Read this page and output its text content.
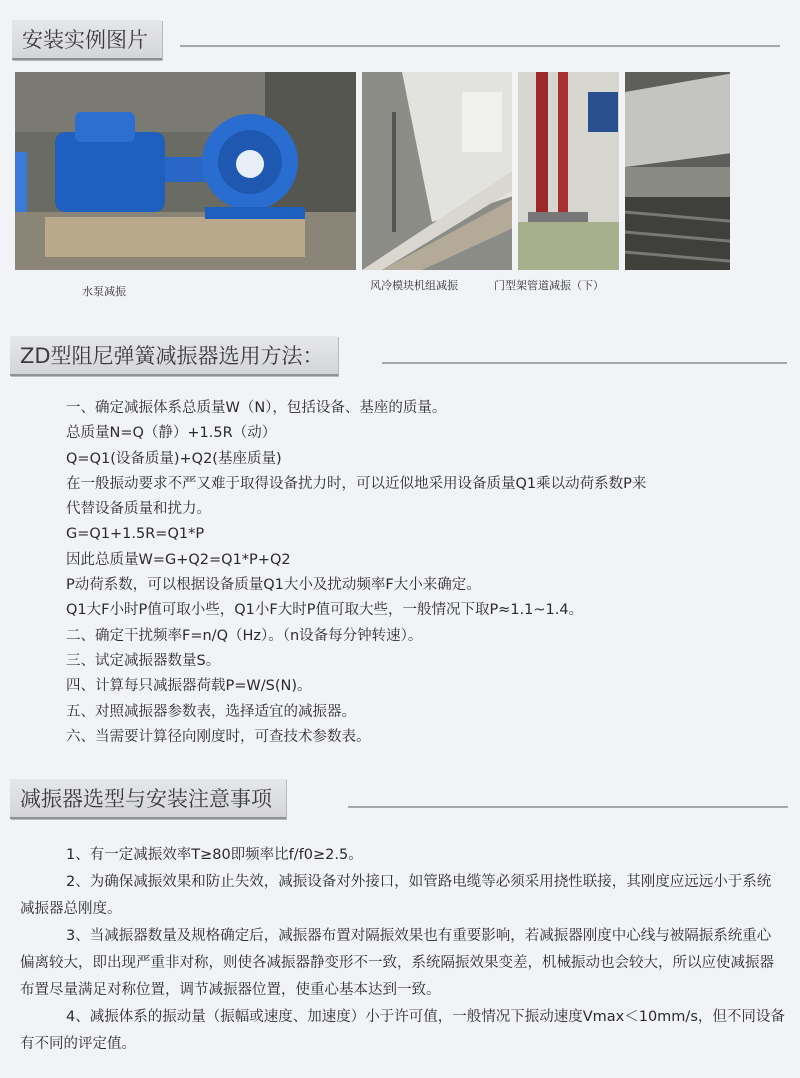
安装实例图片
水泵减振	风冷模块机组减振	门型架管道减振（下）
ZD型阻尼弹簧减振器选用方法：

一、确定减振体系总质量W（N），包括设备、基座的质量。

总质量N=Q（静）+1.5R（动）

Q=Q1(设备质量)+Q2(基座质量)

在一般振动要求不严又难于取得设备扰力时，可以近似地采用设备质量Q1乘以动荷系数P来

代替设备质量和扰力。

G=Q1+1.5R=Q1*P

因此总质量W=G+Q2=Q1*P+Q2

P动荷系数，可以根据设备质量Q1大小及扰动频率F大小来确定。

Q1大F小时P值可取小些，Q1小F大时P值可取大些，一般情况下取P≈1.1~1.4。

二、确定干扰频率F=n/Q（Hz）。（n设备每分钟转速）。

三、试定减振器数量S。

四、计算每只减振器荷载P=W/S(N)。

五、对照减振器参数表，选择适宜的减振器。

六、当需要计算径向刚度时，可查技术参数表。

减振器选型与安装注意事项

1、有一定减振效率T≥80即频率比f/f0≥2.5。

2、为确保减振效果和防止失效，减振设备对外接口，如管路电缆等必须采用挠性联接，其刚度应远远小于系统减振器总刚度。

3、当减振器数量及规格确定后，减振器布置对隔振效果也有重要影响，若减振器刚度中心线与被隔振系统重心偏离较大，即出现严重非对称，则使各减振器静变形不一致，系统隔振效果变差，机械振动也会较大，所以应使减振器布置尽量满足对称位置，调节减振器位置，使重心基本达到一致。

4、减振体系的振动量（振幅或速度、加速度）小于许可值，一般情况下振动速度Vmax＜10mm/s，但不同设备有不同的评定值。
